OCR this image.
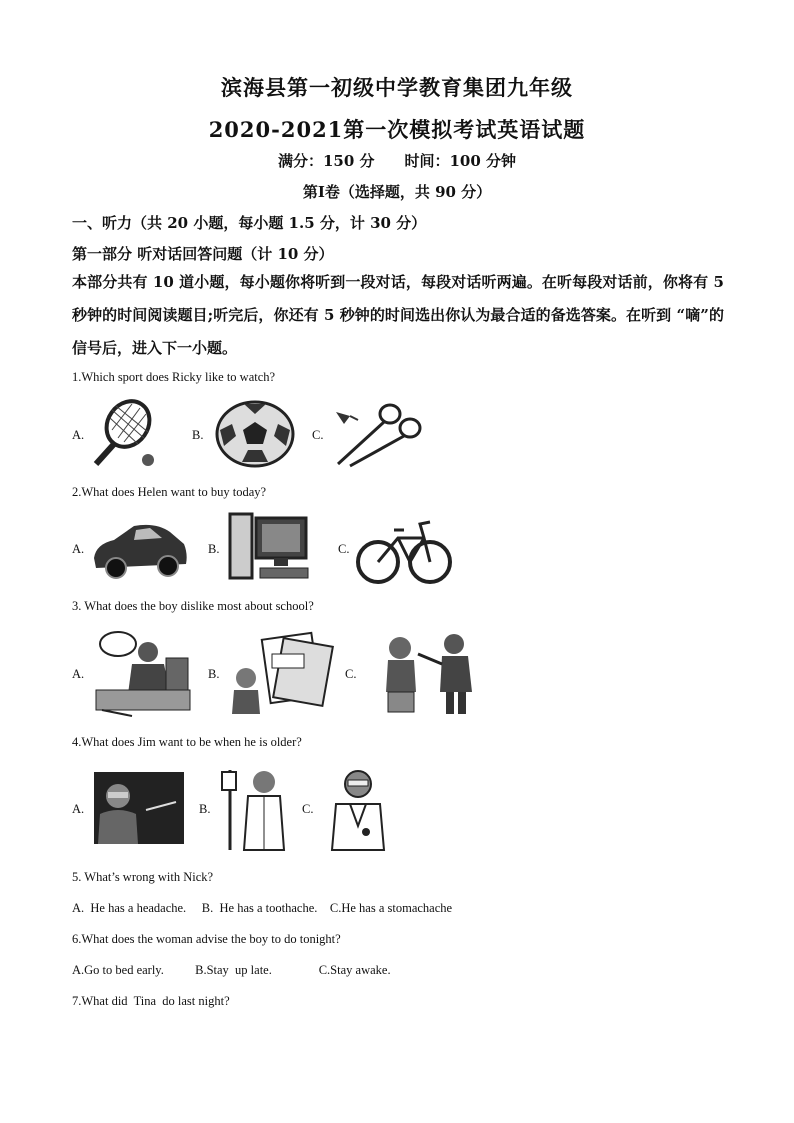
滨海县第一初级中学教育集团九年级
2020-2021第一次模拟考试英语试题
满分：150 分　　时间：100 分钟
第Ⅰ卷（选择题，共 90 分）
一、听力（共 20 小题，每小题 1.5 分，计 30 分）
第一部分 听对话回答问题（计 10 分）
本部分共有 10 道小题，每小题你将听到一段对话，每段对话听两遍。在听每段对话前，你将有 5 秒钟的时间阅读题目;听完后，你还有 5 秒钟的时间选出你认为最合适的备选答案。在听到 “嘀”的信号后，进入下一小题。
1.Which sport does Ricky like to watch?
A.	B.	C.
2.What does Helen want to buy today?
A.	B.	C.
3. What does the boy dislike most about school?
A.	B.	C.
4.What does Jim want to be when he is older?
A.	B.	C.
5. What’s wrong with Nick?
A.  He has a headache.     B.  He has a toothache.    C.He has a stomachache
6.What does the woman advise the boy to do tonight?
A.Go to bed early.          B.Stay  up late.               C.Stay awake.
7.What did  Tina  do last night?
